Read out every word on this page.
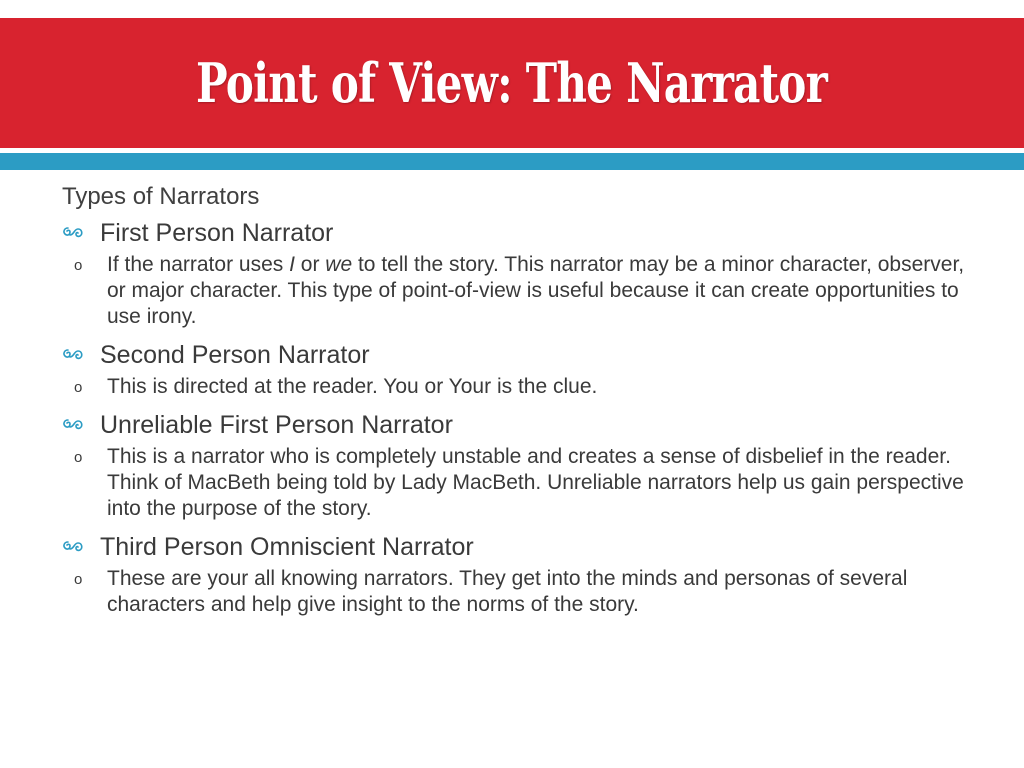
Point of View: The Narrator
Types of Narrators
First Person Narrator
o If the narrator uses I or we to tell the story. This narrator may be a minor character, observer, or major character. This type of point-of-view is useful because it can create opportunities to use irony.
Second Person Narrator
o This is directed at the reader. You or Your is the clue.
Unreliable First Person Narrator
o This is a narrator who is completely unstable and creates a sense of disbelief in the reader. Think of MacBeth being told by Lady MacBeth. Unreliable narrators help us gain perspective into the purpose of the story.
Third Person Omniscient Narrator
o These are your all knowing narrators. They get into the minds and personas of several characters and help give insight to the norms of the story.
